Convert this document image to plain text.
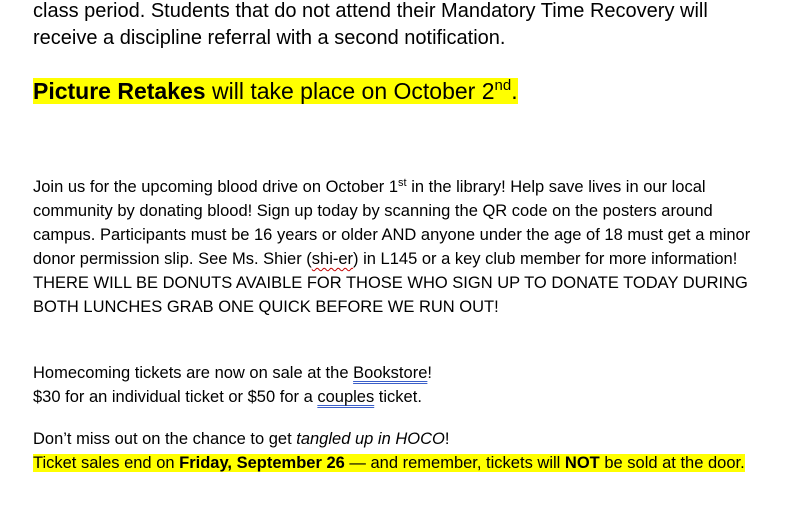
class period. Students that do not attend their Mandatory Time Recovery will receive a discipline referral with a second notification.

Picture Retakes will take place on October 2nd.

Join us for the upcoming blood drive on October 1st in the library! Help save lives in our local community by donating blood! Sign up today by scanning the QR code on the posters around campus. Participants must be 16 years or older AND anyone under the age of 18 must get a minor donor permission slip. See Ms. Shier (shi-er) in L145 or a key club member for more information! THERE WILL BE DONUTS AVAIBLE FOR THOSE WHO SIGN UP TO DONATE TODAY DURING BOTH LUNCHES GRAB ONE QUICK BEFORE WE RUN OUT!

Homecoming tickets are now on sale at the Bookstore!
$30 for an individual ticket or $50 for a couples ticket.

Don’t miss out on the chance to get tangled up in HOCO!
Ticket sales end on Friday, September 26 — and remember, tickets will NOT be sold at the door.
